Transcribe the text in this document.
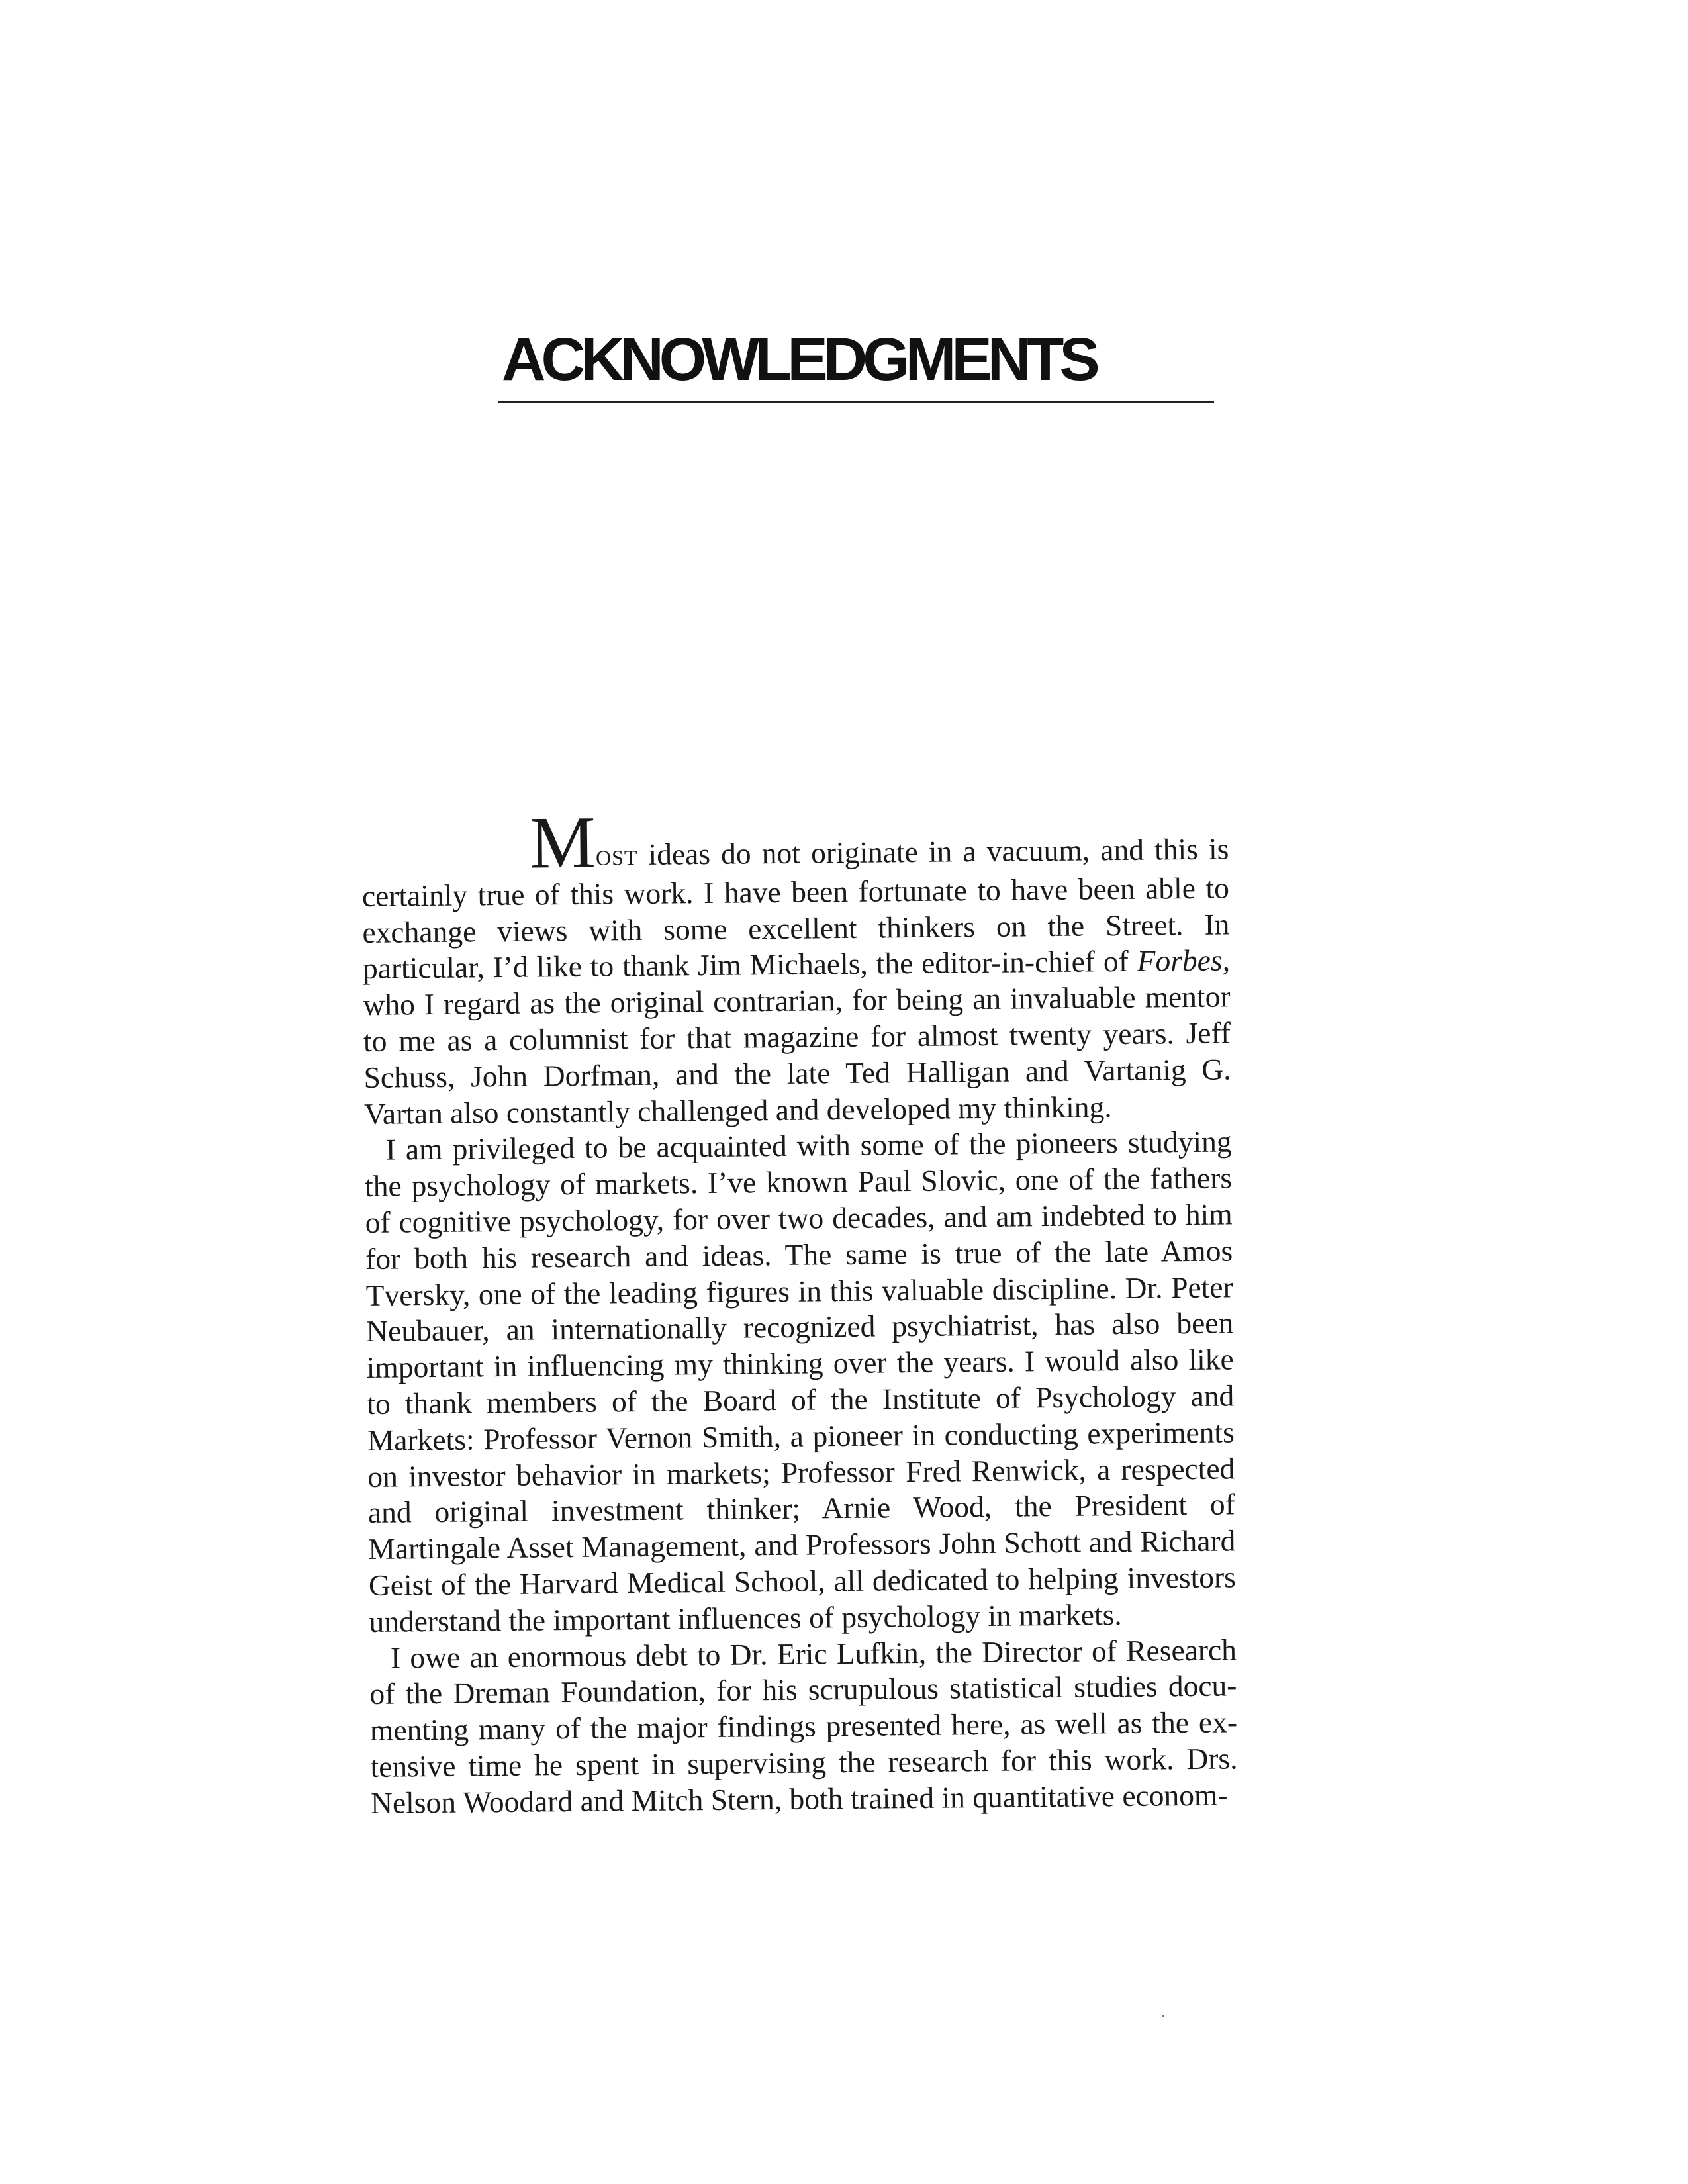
ACKNOWLEDGMENTS

MOST ideas do not originate in a vacuum, and this is certainly true of this work. I have been fortunate to have been able to exchange views with some excellent thinkers on the Street. In particular, I’d like to thank Jim Michaels, the editor-in-chief of Forbes, who I regard as the original contrarian, for being an invaluable mentor to me as a columnist for that magazine for almost twenty years. Jeff Schuss, John Dorfman, and the late Ted Halligan and Vartanig G. Vartan also constantly challenged and developed my thinking.

I am privileged to be acquainted with some of the pioneers studying the psychology of markets. I’ve known Paul Slovic, one of the fathers of cognitive psychology, for over two decades, and am indebted to him for both his research and ideas. The same is true of the late Amos Tversky, one of the leading figures in this valuable discipline. Dr. Peter Neubauer, an internationally recognized psychiatrist, has also been important in influencing my thinking over the years. I would also like to thank members of the Board of the Institute of Psychology and Markets: Professor Vernon Smith, a pioneer in conducting experiments on investor behavior in markets; Professor Fred Renwick, a respected and original investment thinker; Arnie Wood, the President of Martingale Asset Management, and Professors John Schott and Richard Geist of the Harvard Medical School, all dedicated to helping investors understand the important influences of psychology in markets.

I owe an enormous debt to Dr. Eric Lufkin, the Director of Research of the Dreman Foundation, for his scrupulous statistical studies documenting many of the major findings presented here, as well as the extensive time he spent in supervising the research for this work. Drs. Nelson Woodard and Mitch Stern, both trained in quantitative econom-
